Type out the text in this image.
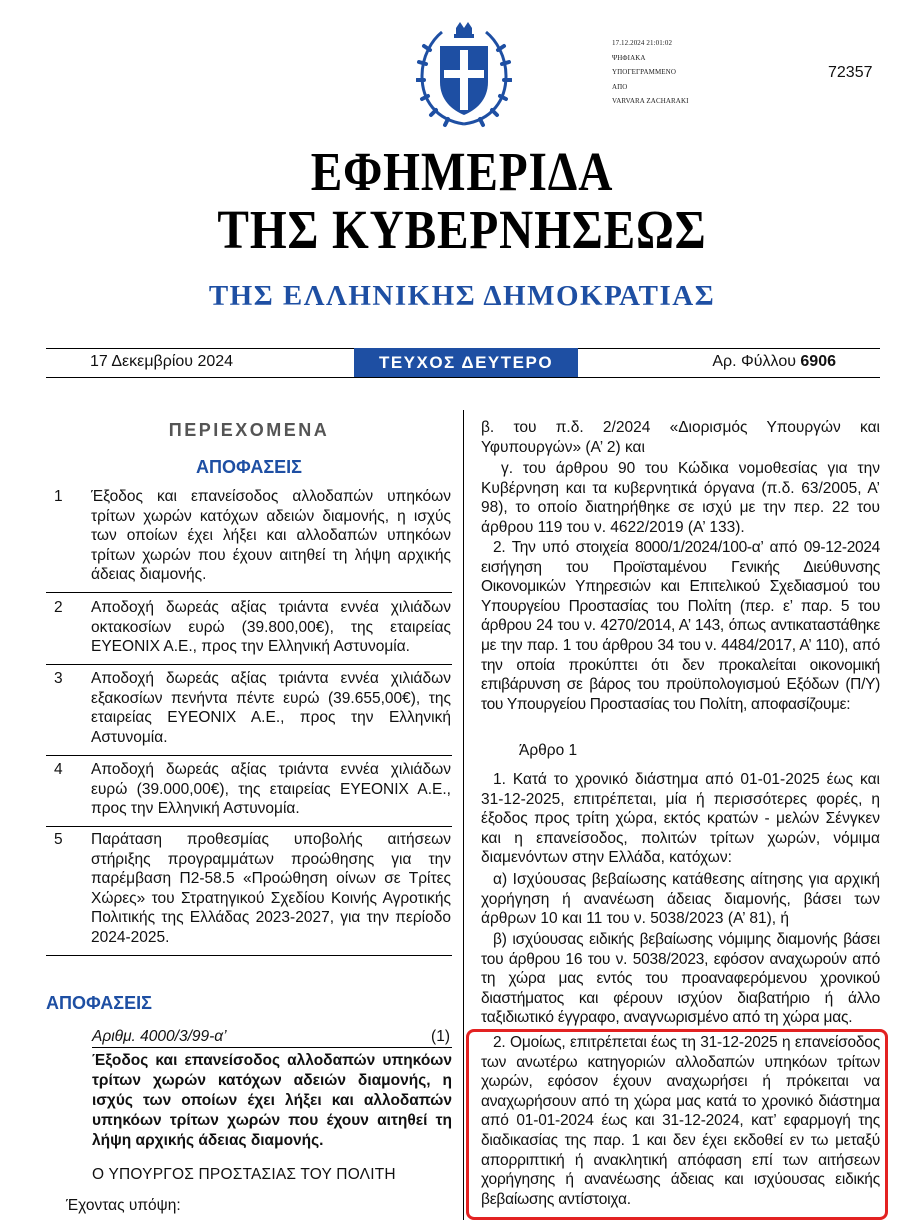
17.12.2024 21:01:02
ΨΗΦΙΑΚΑ
ΥΠΟΓΕΓΡΑΜΜΕΝΟ
ΑΠΟ
VARVARA ZACHARAKI
72357
ΕΦΗΜΕΡΙΔΑ
ΤΗΣ ΚΥΒΕΡΝΗΣΕΩΣ
ΤΗΣ ΕΛΛΗΝΙΚΗΣ ΔΗΜΟΚΡΑΤΙΑΣ
17 Δεκεμβρίου 2024	ΤΕΥΧΟΣ ΔΕΥΤΕΡΟ	Αρ. Φύλλου 6906
ΠΕΡΙΕΧΟΜΕΝΑ
ΑΠΟΦΑΣΕΙΣ
1 Έξοδος και επανείσοδος αλλοδαπών υπηκόων τρίτων χωρών κατόχων αδειών διαμονής, η ισχύς των οποίων έχει λήξει και αλλοδαπών υπηκόων τρίτων χωρών που έχουν αιτηθεί τη λήψη αρχικής άδειας διαμονής.
2 Αποδοχή δωρεάς αξίας τριάντα εννέα χιλιάδων οκτακοσίων ευρώ (39.800,00€), της εταιρείας ΕΥΕΟΝΙΧ Α.Ε., προς την Ελληνική Αστυνομία.
3 Αποδοχή δωρεάς αξίας τριάντα εννέα χιλιάδων εξακοσίων πενήντα πέντε ευρώ (39.655,00€), της εταιρείας ΕΥΕΟΝΙΧ Α.Ε., προς την Ελληνική Αστυνομία.
4 Αποδοχή δωρεάς αξίας τριάντα εννέα χιλιάδων ευρώ (39.000,00€), της εταιρείας ΕΥΕΟΝΙΧ Α.Ε., προς την Ελληνική Αστυνομία.
5 Παράταση προθεσμίας υποβολής αιτήσεων στήριξης προγραμμάτων προώθησης για την παρέμβαση Π2-58.5 «Προώθηση οίνων σε Τρίτες Χώρες» του Στρατηγικού Σχεδίου Κοινής Αγροτικής Πολιτικής της Ελλάδας 2023-2027, για την περίοδο 2024-2025.
ΑΠΟΦΑΣΕΙΣ
Αριθμ. 4000/3/99-α’	(1)
Έξοδος και επανείσοδος αλλοδαπών υπηκόων τρίτων χωρών κατόχων αδειών διαμονής, η ισχύς των οποίων έχει λήξει και αλλοδαπών υπηκόων τρίτων χωρών που έχουν αιτηθεί τη λήψη αρχικής άδειας διαμονής.
Ο ΥΠΟΥΡΓΟΣ ΠΡΟΣΤΑΣΙΑΣ ΤΟΥ ΠΟΛΙΤΗ
Έχοντας υπόψη:
β. του π.δ. 2/2024 «Διορισμός Υπουργών και Υφυπουργών» (Α’ 2) και
γ. του άρθρου 90 του Κώδικα νομοθεσίας για την Κυβέρνηση και τα κυβερνητικά όργανα (π.δ. 63/2005, Α’ 98), το οποίο διατηρήθηκε σε ισχύ με την περ. 22 του άρθρου 119 του ν. 4622/2019 (Α’ 133).
2. Την υπό στοιχεία 8000/1/2024/100-α’ από 09-12-2024 εισήγηση του Προϊσταμένου Γενικής Διεύθυνσης Οικονομικών Υπηρεσιών και Επιτελικού Σχεδιασμού του Υπουργείου Προστασίας του Πολίτη (περ. ε’ παρ. 5 του άρθρου 24 του ν. 4270/2014, Α’ 143, όπως αντικαταστάθηκε με την παρ. 1 του άρθρου 34 του ν. 4484/2017, Α’ 110), από την οποία προκύπτει ότι δεν προκαλείται οικονομική επιβάρυνση σε βάρος του προϋπολογισμού Εξόδων (Π/Υ) του Υπουργείου Προστασίας του Πολίτη, αποφασίζουμε:
Άρθρο 1
1. Κατά το χρονικό διάστημα από 01-01-2025 έως και 31-12-2025, επιτρέπεται, μία ή περισσότερες φορές, η έξοδος προς τρίτη χώρα, εκτός κρατών - μελών Σένγκεν και η επανείσοδος, πολιτών τρίτων χωρών, νόμιμα διαμενόντων στην Ελλάδα, κατόχων:
α) Ισχύουσας βεβαίωσης κατάθεσης αίτησης για αρχική χορήγηση ή ανανέωση άδειας διαμονής, βάσει των άρθρων 10 και 11 του ν. 5038/2023 (Α’ 81), ή
β) ισχύουσας ειδικής βεβαίωσης νόμιμης διαμονής βάσει του άρθρου 16 του ν. 5038/2023, εφόσον αναχωρούν από τη χώρα μας εντός του προαναφερόμενου χρονικού διαστήματος και φέρουν ισχύον διαβατήριο ή άλλο ταξιδιωτικό έγγραφο, αναγνωρισμένο από τη χώρα μας.
2. Ομοίως, επιτρέπεται έως τη 31-12-2025 η επανείσοδος των ανωτέρω κατηγοριών αλλοδαπών υπηκόων τρίτων χωρών, εφόσον έχουν αναχωρήσει ή πρόκειται να αναχωρήσουν από τη χώρα μας κατά το χρονικό διάστημα από 01-01-2024 έως και 31-12-2024, κατ’ εφαρμογή της διαδικασίας της παρ. 1 και δεν έχει εκδοθεί εν τω μεταξύ απορριπτική ή ανακλητική απόφαση επί των αιτήσεων χορήγησης ή ανανέωσης άδειας και ισχύουσας ειδικής βεβαίωσης αντίστοιχα.
